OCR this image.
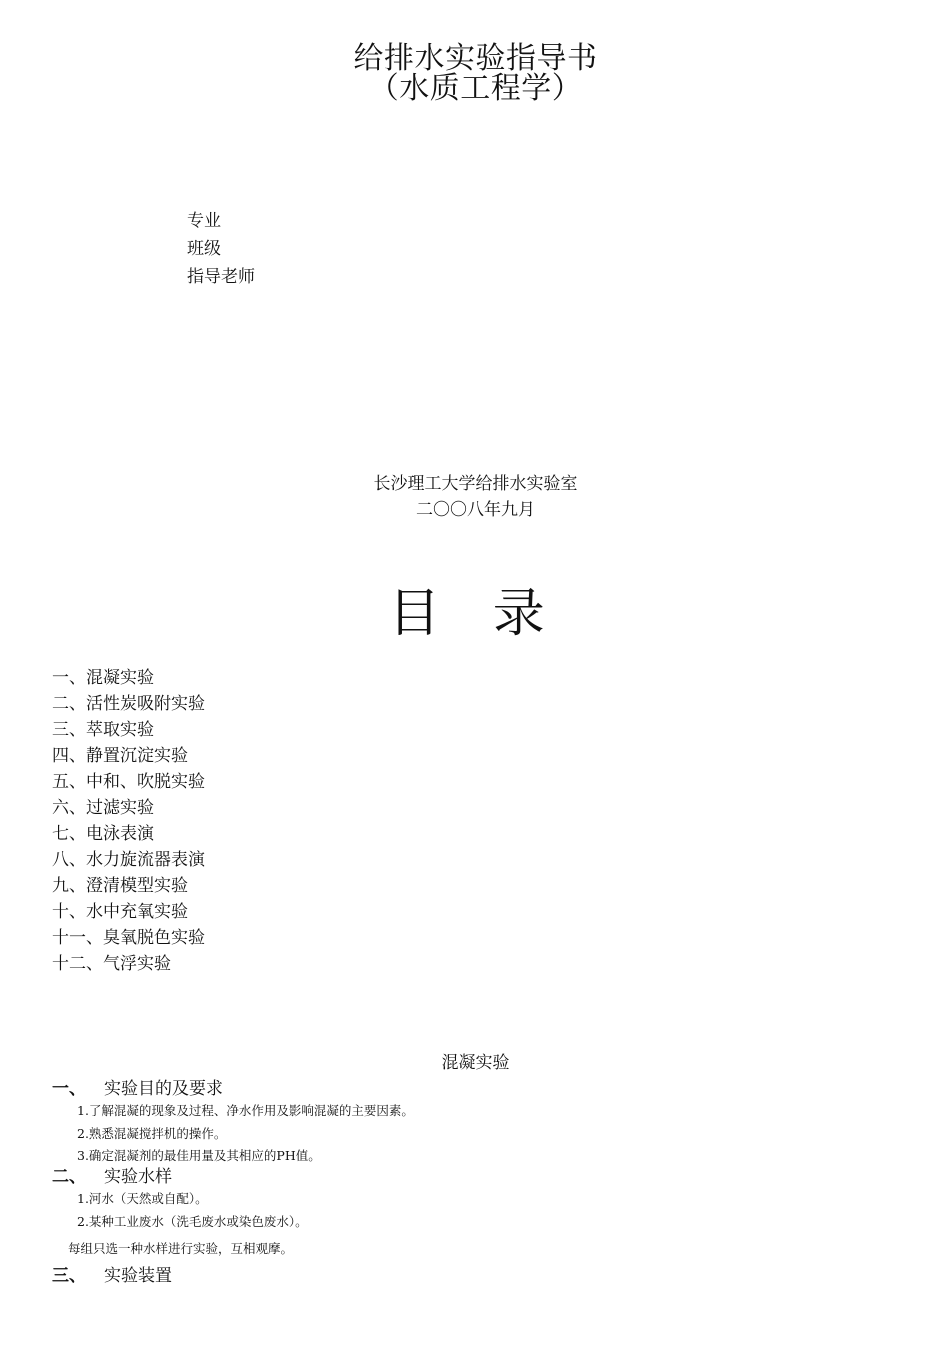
给排水实验指导书
（水质工程学）
专业
班级
指导老师
长沙理工大学给排水实验室
二〇〇八年九月
目 录
一、混凝实验
二、活性炭吸附实验
三、萃取实验
四、静置沉淀实验
五、中和、吹脱实验
六、过滤实验
七、电泳表演
八、水力旋流器表演
九、澄清模型实验
十、水中充氧实验
十一、臭氧脱色实验
十二、气浮实验
混凝实验
一、	实验目的及要求
1.了解混凝的现象及过程、净水作用及影响混凝的主要因素。
2.熟悉混凝搅拌机的操作。
3.确定混凝剂的最佳用量及其相应的PH值。
二、	实验水样
1.河水（天然或自配）。
2.某种工业废水（洗毛废水或染色废水）。
每组只选一种水样进行实验，互相观摩。
三、	实验装置
